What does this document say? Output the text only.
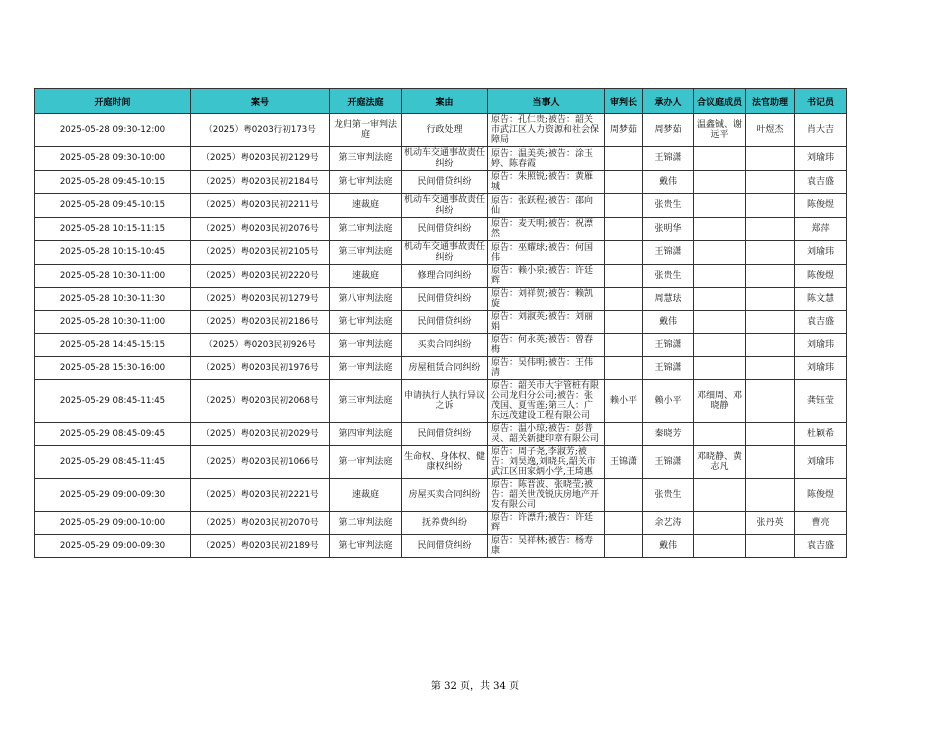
开庭时间	案号	开庭法庭	案由	当事人	审判长	承办人	合议庭成员	法官助理	书记员
2025-05-28 09:30-12:00	（2025）粤0203行初173号	龙归第一审判法庭	行政处理	原告：孔仁贵;被告：韶关市武江区人力资源和社会保障局	周梦茹	周梦茹	温鑫铖、谢远平	叶煜杰	肖大吉
2025-05-28 09:30-10:00	（2025）粤0203民初2129号	第三审判法庭	机动车交通事故责任纠纷	原告：温美英;被告：涂玉婷、陈春霞		王锦潇			刘瑜玮
2025-05-28 09:45-10:15	（2025）粤0203民初2184号	第七审判法庭	民间借贷纠纷	原告：朱照锐;被告：黄雁城		戴伟			袁吉盛
2025-05-28 09:45-10:15	（2025）粤0203民初2211号	速裁庭	机动车交通事故责任纠纷	原告：张跃程;被告：邵向仙		张贵生			陈俊煜
2025-05-28 10:15-11:15	（2025）粤0203民初2076号	第二审判法庭	民间借贷纠纷	原告：麦天明;被告：祝漂然		张明华			郑萍
2025-05-28 10:15-10:45	（2025）粤0203民初2105号	第三审判法庭	机动车交通事故责任纠纷	原告：巫耀球;被告：何国伟		王锦潇			刘瑜玮
2025-05-28 10:30-11:00	（2025）粤0203民初2220号	速裁庭	修理合同纠纷	原告：赖小泉;被告：许廷辉		张贵生			陈俊煜
2025-05-28 10:30-11:30	（2025）粤0203民初1279号	第八审判法庭	民间借贷纠纷	原告：刘祥贺;被告：赖凯旋		周慧珐			陈文慧
2025-05-28 10:30-11:00	（2025）粤0203民初2186号	第七审判法庭	民间借贷纠纷	原告：刘淑英;被告：刘丽娟		戴伟			袁吉盛
2025-05-28 14:45-15:15	（2025）粤0203民初926号	第一审判法庭	买卖合同纠纷	原告：何永英;被告：曾春梅		王锦潇			刘瑜玮
2025-05-28 15:30-16:00	（2025）粤0203民初1976号	第一审判法庭	房屋租赁合同纠纷	原告：吴伟明;被告：王伟清		王锦潇			刘瑜玮
2025-05-29 08:45-11:45	（2025）粤0203民初2068号	第三审判法庭	申请执行人执行异议之诉	原告：韶关市大宇管桩有限公司龙归分公司;被告：张茂国、夏雪莲;第三人：广东远茂建设工程有限公司	赖小平	赖小平	邓细周、邓晓静		龚钰莹
2025-05-29 08:45-09:45	（2025）粤0203民初2029号	第四审判法庭	民间借贷纠纷	原告：温小琼;被告：彭普灵、韶关新捷印章有限公司		秦晓芳			杜颖希
2025-05-29 08:45-11:45	（2025）粤0203民初1066号	第一审判法庭	生命权、身体权、健康权纠纷	原告：周子尧,李淑芳;被告：刘昊逸,刘晓兵,韶关市武江区田家炳小学,王琦惠	王锦潇	王锦潇	邓晓静、黄志凡		刘瑜玮
2025-05-29 09:00-09:30	（2025）粤0203民初2221号	速裁庭	房屋买卖合同纠纷	原告：陈晋波、张晓莹;被告：韶关世茂锐庆房地产开发有限公司		张贵生			陈俊煜
2025-05-29 09:00-10:00	（2025）粤0203民初2070号	第二审判法庭	抚养费纠纷	原告：许漂升;被告：许廷辉		余艺涛		张丹英	曹亮
2025-05-29 09:00-09:30	（2025）粤0203民初2189号	第七审判法庭	民间借贷纠纷	原告：吴祥林;被告：杨寿康		戴伟			袁吉盛
第 32 页，共 34 页
